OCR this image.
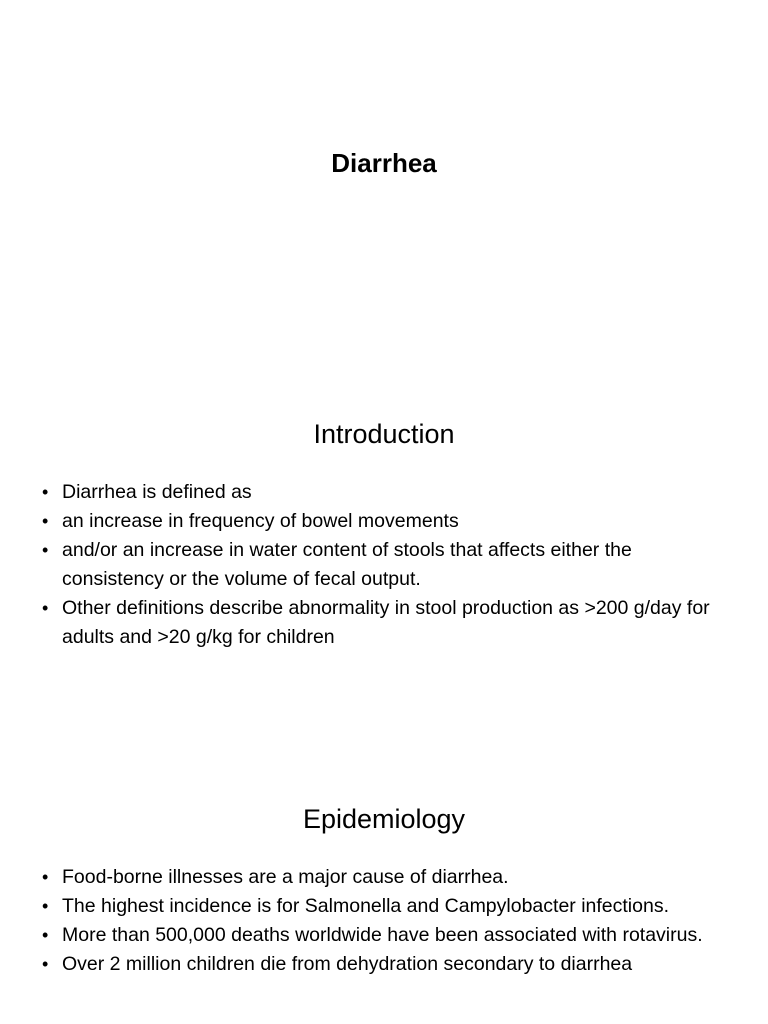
Diarrhea
Introduction
• Diarrhea is defined as
• an increase in frequency of bowel movements
• and/or an increase in water content of stools that affects either the consistency or the volume of fecal output.
• Other definitions describe abnormality in stool production as >200 g/day for adults and >20 g/kg for children
Epidemiology
• Food-borne illnesses are a major cause of diarrhea.
• The highest incidence is for Salmonella and Campylobacter infections.
• More than 500,000 deaths worldwide have been associated with rotavirus.
• Over 2 million children die from dehydration secondary to diarrhea
